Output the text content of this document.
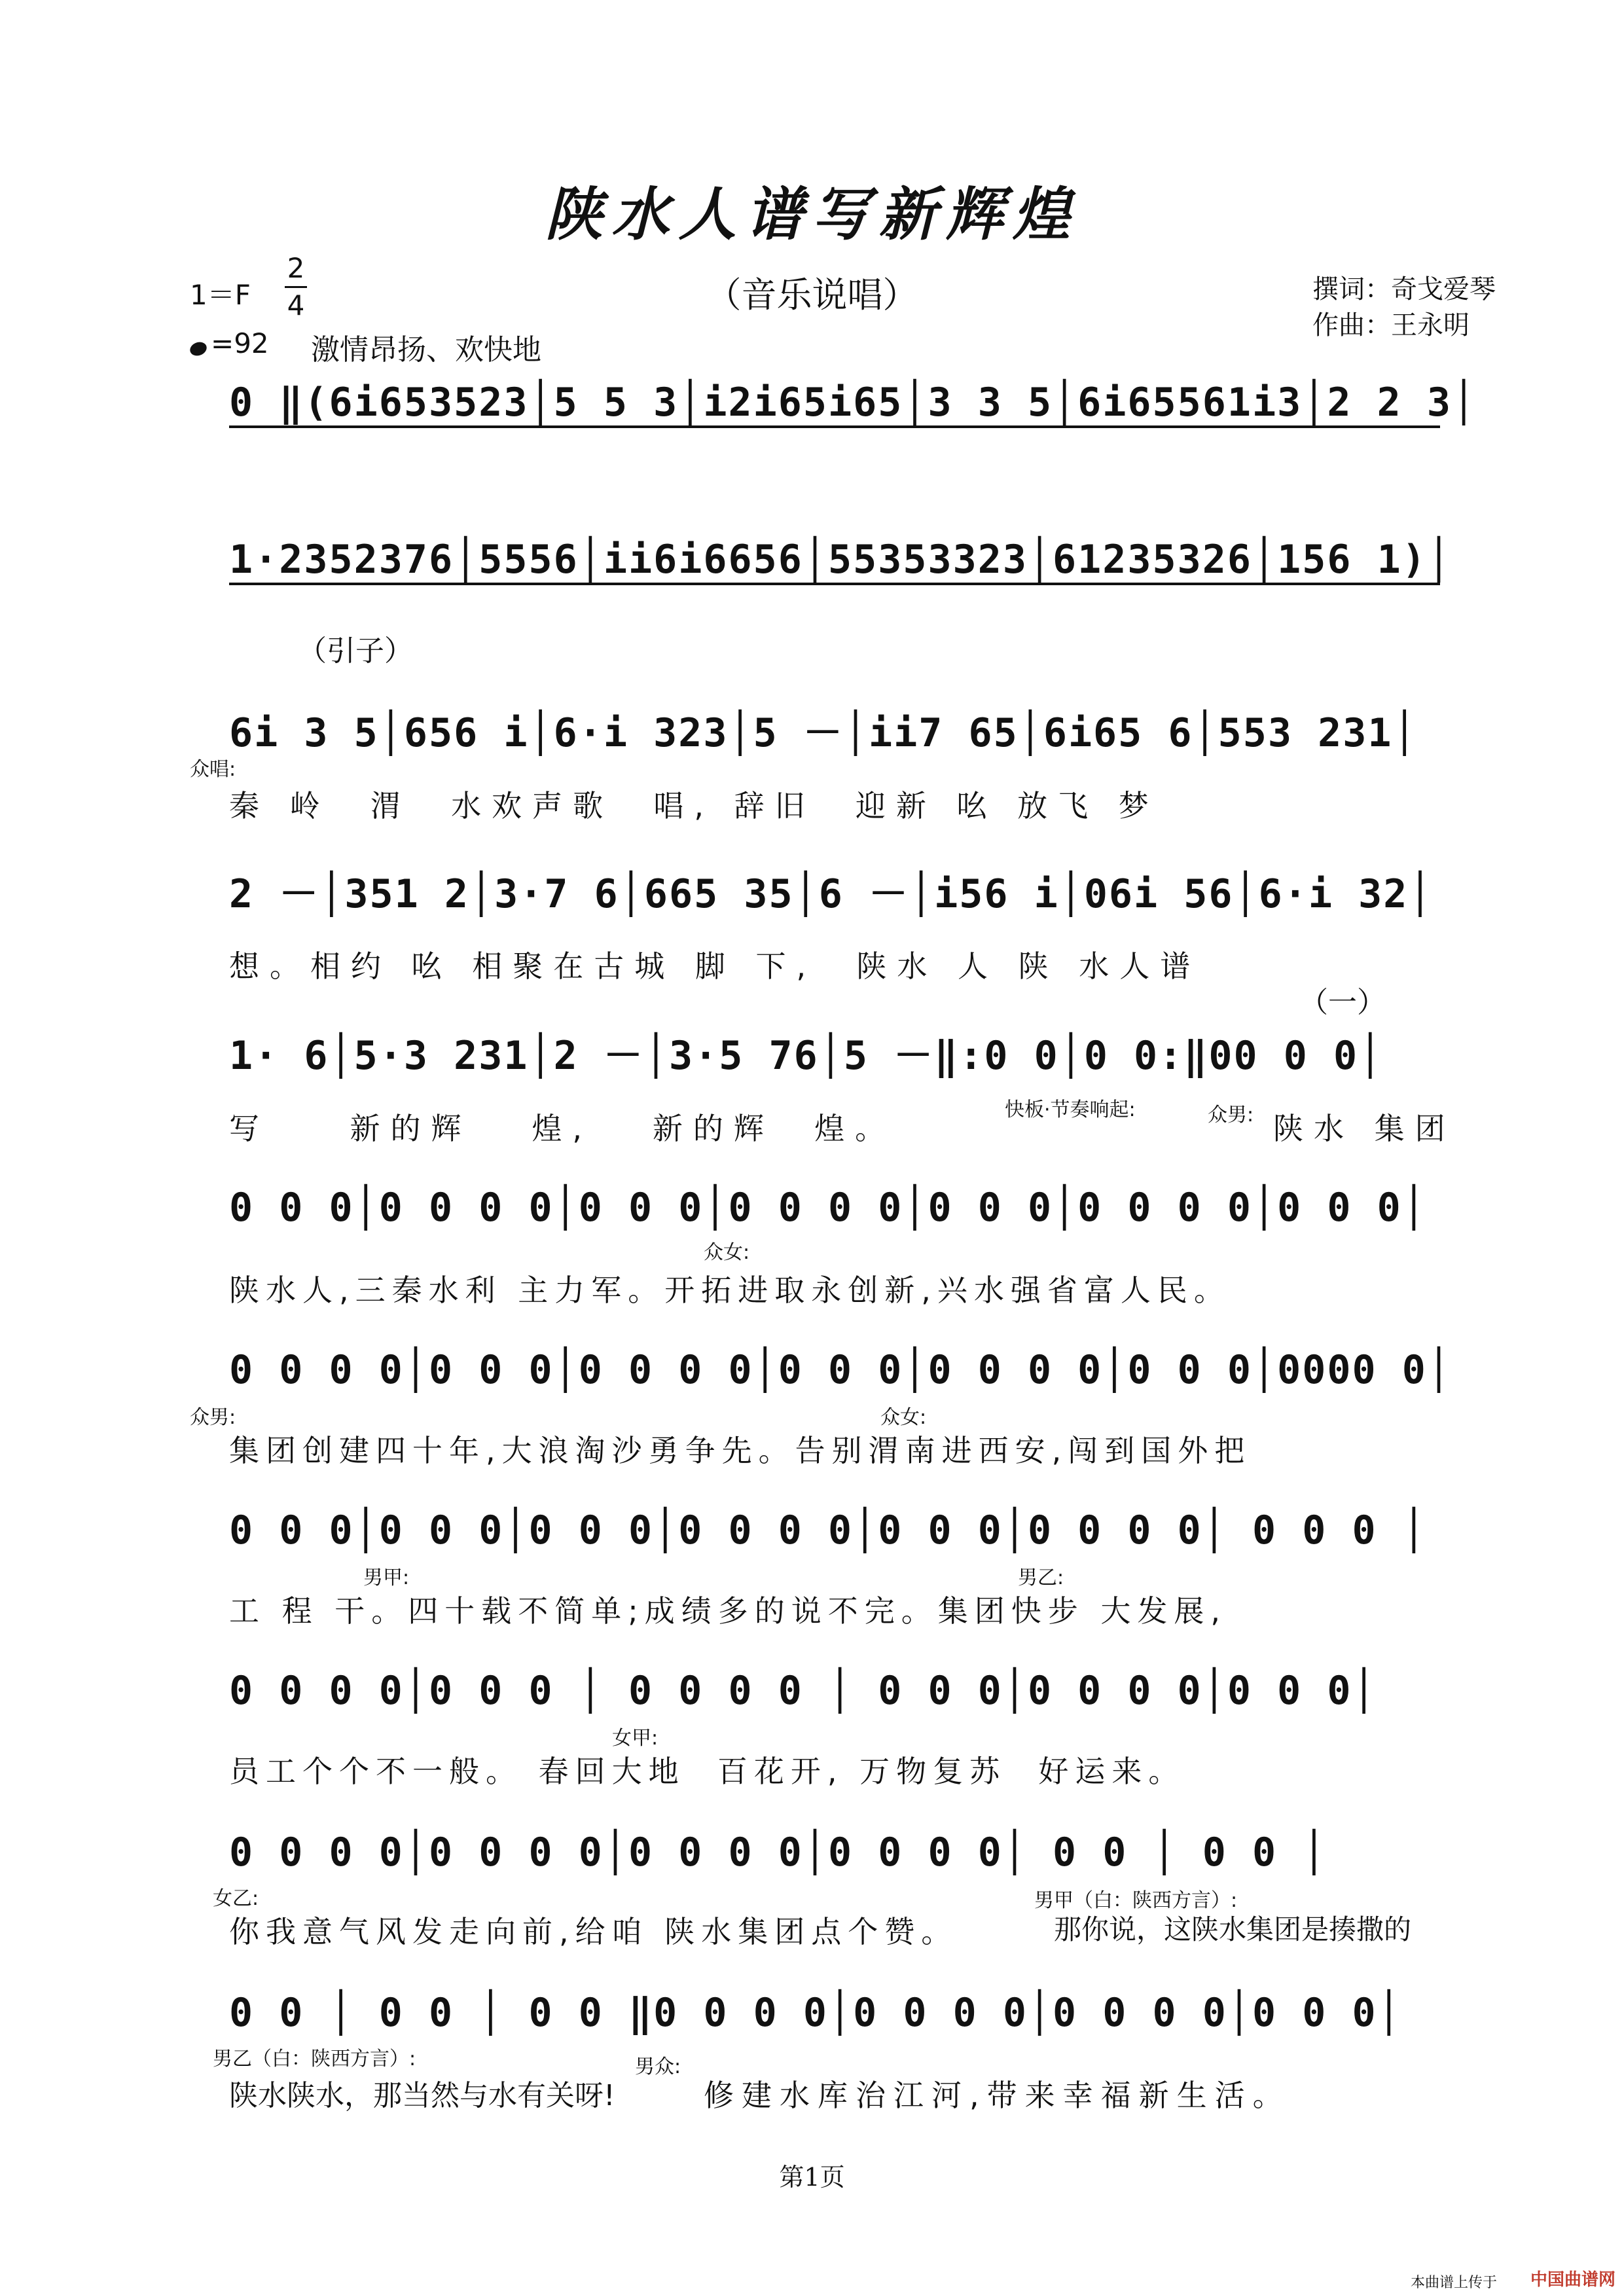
陕水人谱写新辉煌
（音乐说唱）
1＝F
2
4
=92 激情昂扬、欢快地
撰词：奇戈爱琴
作曲：王永明
0 ‖(6i653523│5 5 3│i2i65i65│3 3 5│6i65561i3│2 2 3│
1·2352376│5556│ii6i6656│55353323│61235326│156 1)│
（引子）
6i 3 5│656 i│6·i 323│5 －│ii7 65│6i65 6│553 231│
众唱:
秦 岭  渭  水欢声歌  唱, 辞旧  迎新 吆 放飞 梦
2 －│351 2│3·7 6│665 35│6 －│i56 i│06i 56│6·i 32│
想。相约 吆 相聚在古城 脚 下,  陕水 人 陕 水人谱
（一）
1· 6│5·3 231│2 －│3·5 76│5 －‖:0 0│0 0:‖00 0 0│
写    新的辉   煌,   新的辉  煌。
快板·节奏响起:	众男: 陕水 集团
0 0 0│0 0 0 0│0 0 0│0 0 0 0│0 0 0│0 0 0 0│0 0 0│
众女:
陕水人,三秦水利 主力军。开拓进取永创新,兴水强省富人民。
0 0 0 0│0 0 0│0 0 0 0│0 0 0│0 0 0 0│0 0 0│0000 0│
众男:	众女:
集团创建四十年,大浪淘沙勇争先。告别渭南进西安,闯到国外把
0 0 0│0 0 0│0 0 0│0 0 0 0│0 0 0│0 0 0 0│ 0 0 0 │
男甲:	男乙:
工 程 干。四十载不简单;成绩多的说不完。集团快步 大发展,
0 0 0 0│0 0 0 │ 0 0 0 0 │ 0 0 0│0 0 0 0│0 0 0│
女甲:
员工个个不一般。 春回大地  百花开, 万物复苏  好运来。
0 0 0 0│0 0 0 0│0 0 0 0│0 0 0 0│ 0 0 │ 0 0 │
女乙:	男甲（白：陕西方言）:
你我意气风发走向前,给咱 陕水集团点个赞。	那你说，这陕水集团是揍撒的
0 0 │ 0 0 │ 0 0 ‖0 0 0 0│0 0 0 0│0 0 0 0│0 0 0│
男乙（白：陕西方言）:	男众:
陕水陕水，那当然与水有关呀!	修建水库治江河,带来幸福新生活。
第1页
本曲谱上传于 中国曲谱网
